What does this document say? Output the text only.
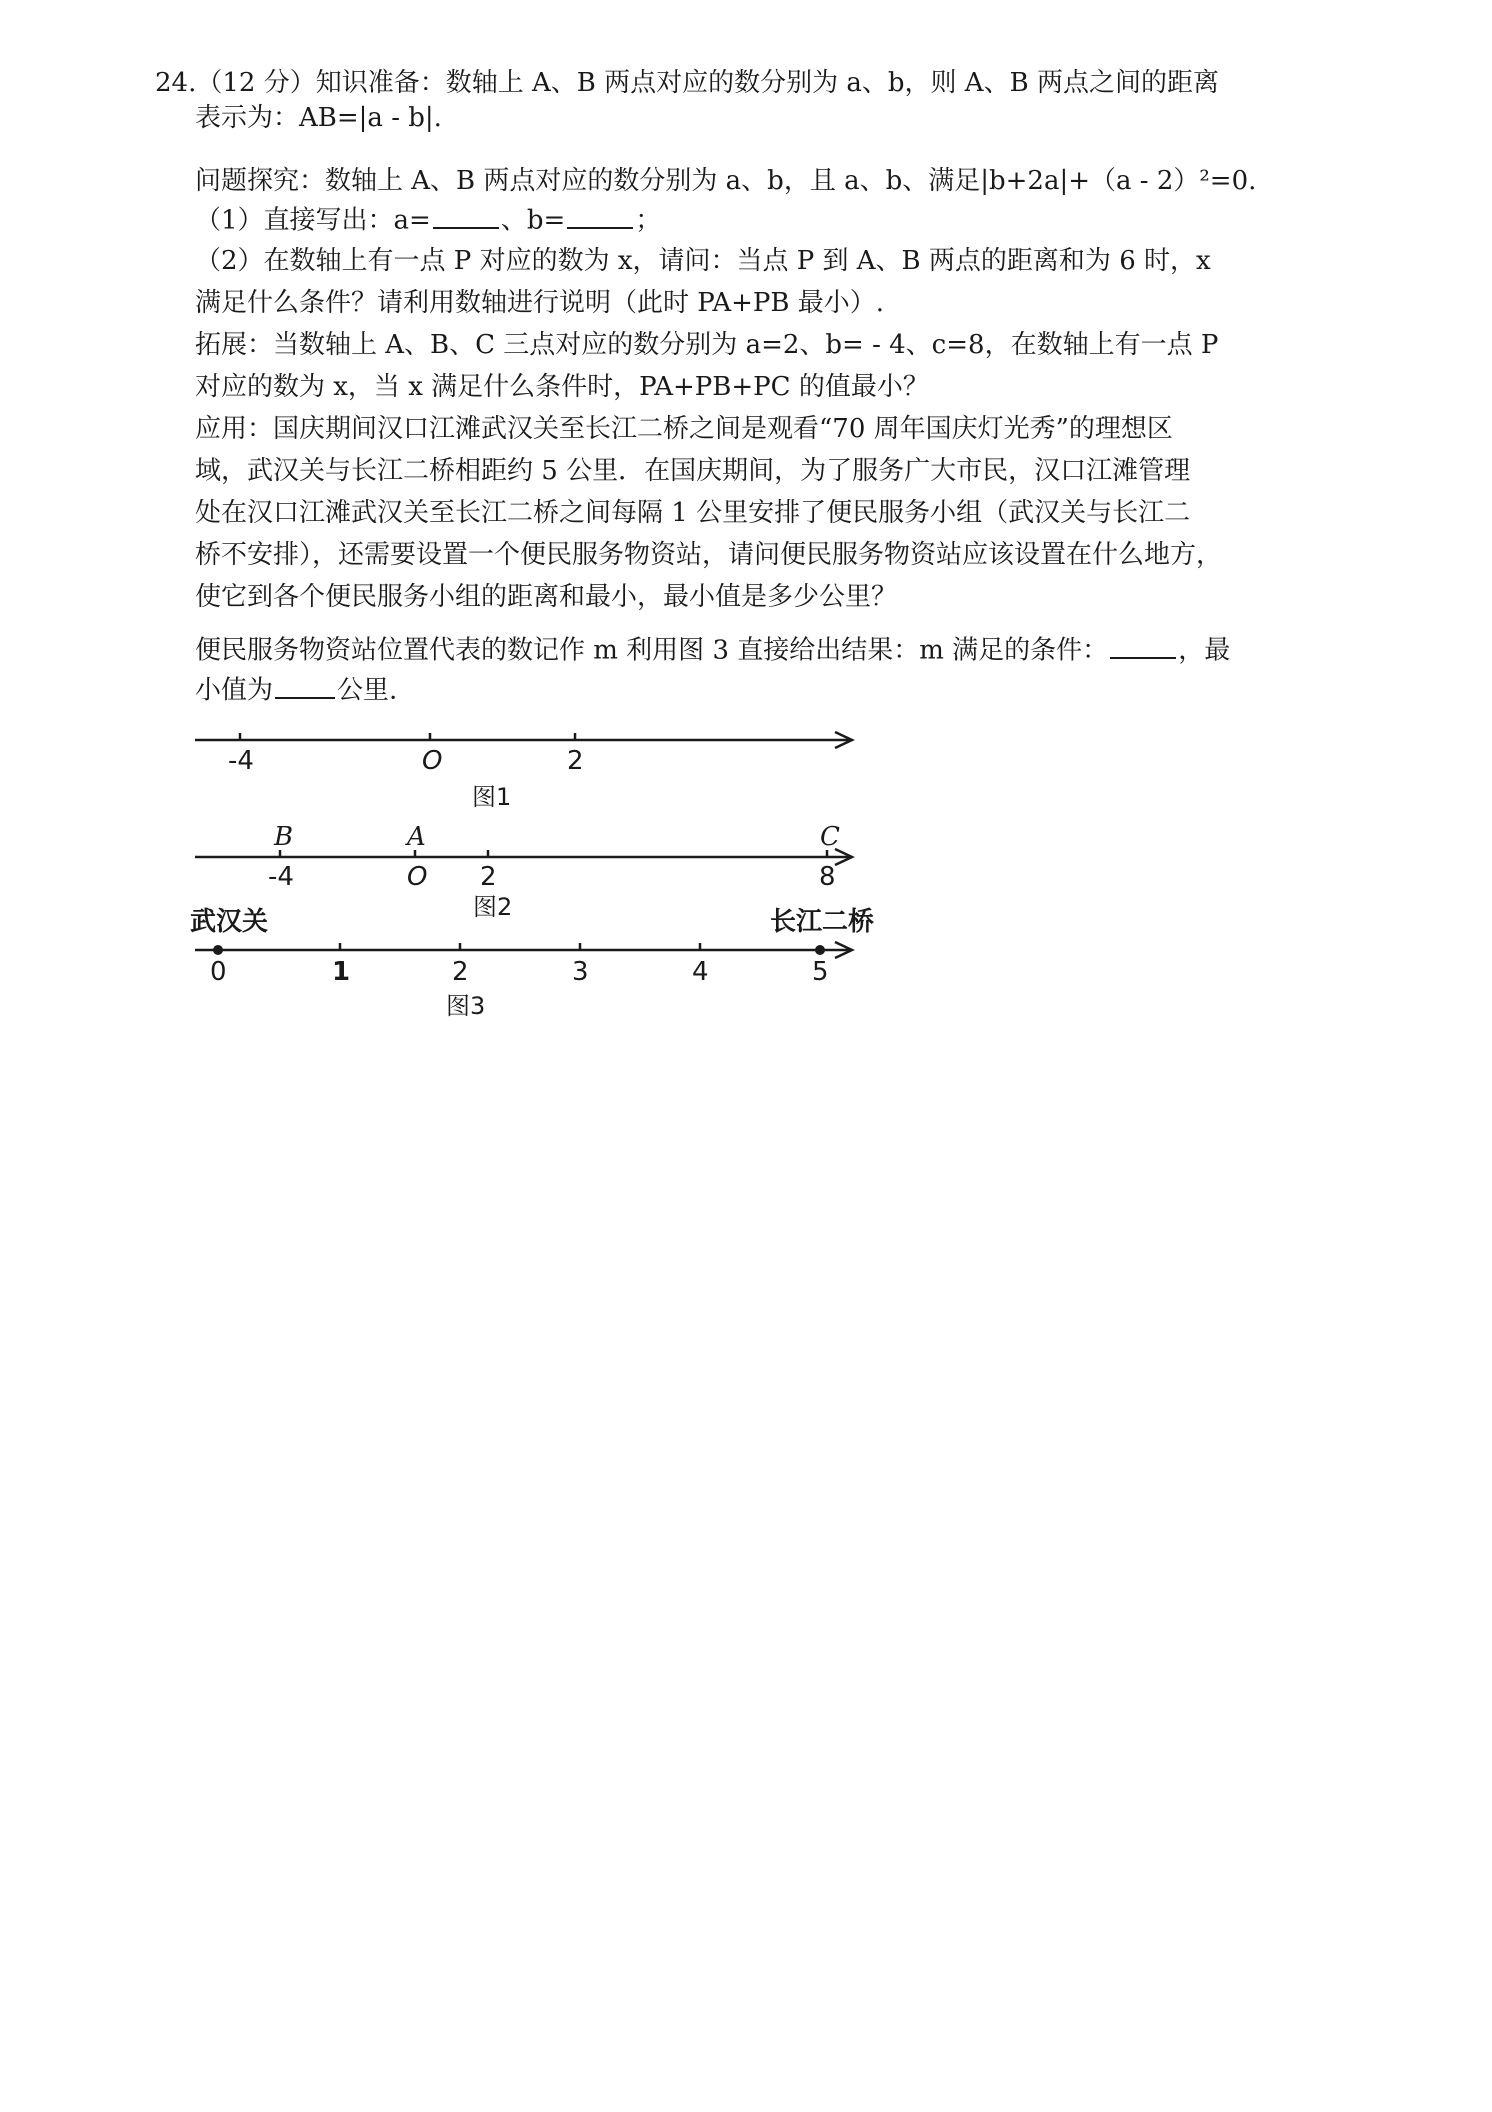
24.（12 分）知识准备：数轴上 A、B 两点对应的数分别为 a、b，则 A、B 两点之间的距离
表示为：AB=|a - b|.
问题探究：数轴上 A、B 两点对应的数分别为 a、b，且 a、b、满足|b+2a|+（a - 2）²=0.
（1）直接写出：a=	、b=	；
（2）在数轴上有一点 P 对应的数为 x，请问：当点 P 到 A、B 两点的距离和为 6 时，x
满足什么条件？请利用数轴进行说明（此时 PA+PB 最小）.
拓展：当数轴上 A、B、C 三点对应的数分别为 a=2、b= - 4、c=8，在数轴上有一点 P
对应的数为 x，当 x 满足什么条件时，PA+PB+PC 的值最小？
应用：国庆期间汉口江滩武汉关至长江二桥之间是观看“70 周年国庆灯光秀”的理想区
域，武汉关与长江二桥相距约 5 公里．在国庆期间，为了服务广大市民，汉口江滩管理
处在汉口江滩武汉关至长江二桥之间每隔 1 公里安排了便民服务小组（武汉关与长江二
桥不安排），还需要设置一个便民服务物资站，请问便民服务物资站应该设置在什么地方，
使它到各个便民服务小组的距离和最小，最小值是多少公里？
便民服务物资站位置代表的数记作 m 利用图 3 直接给出结果：m 满足的条件：	，最
小值为 公里.
-4	O	2
图1
B	A	C
-4	O 2	8
图2
武汉关	长江二桥
0	1	2	3	4	5
图3
